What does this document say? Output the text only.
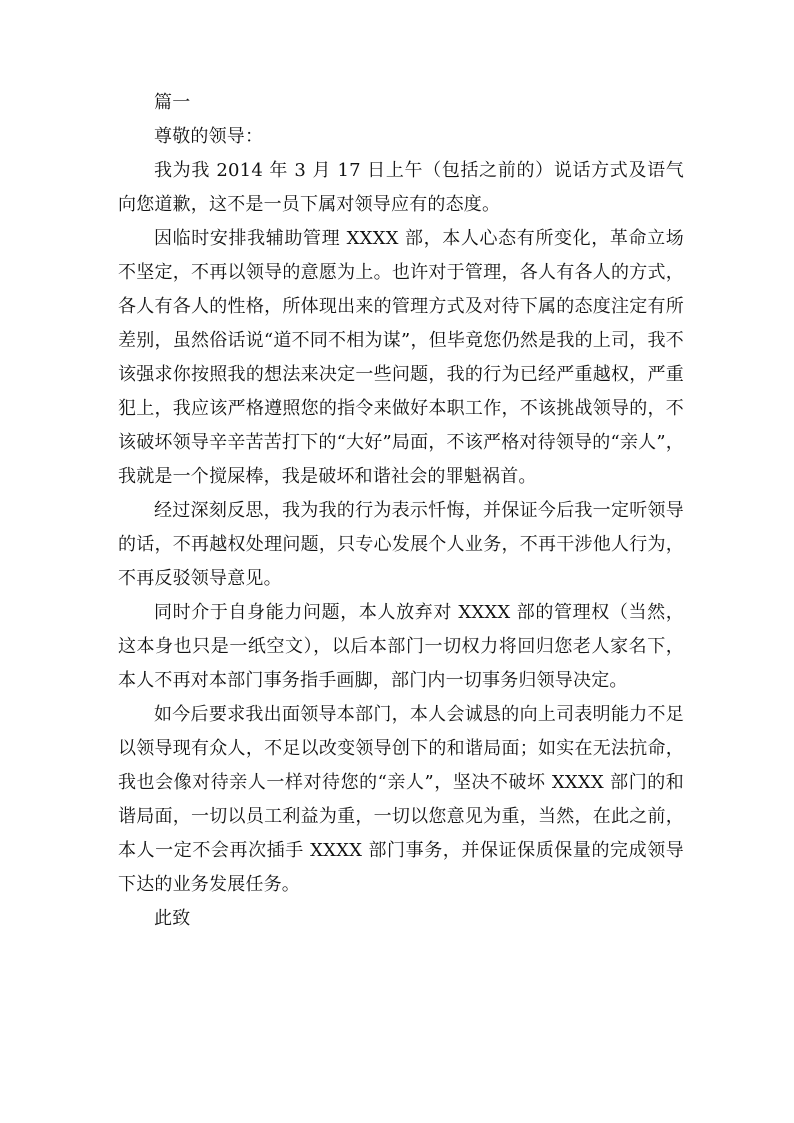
篇一

尊敬的领导：

我为我 2014 年 3 月 17 日上午（包括之前的）说话方式及语气向您道歉，这不是一员下属对领导应有的态度。

因临时安排我辅助管理 XXXX 部，本人心态有所变化，革命立场不坚定，不再以领导的意愿为上。也许对于管理，各人有各人的方式，各人有各人的性格，所体现出来的管理方式及对待下属的态度注定有所差别，虽然俗话说“道不同不相为谋”，但毕竟您仍然是我的上司，我不该强求你按照我的想法来决定一些问题，我的行为已经严重越权，严重犯上，我应该严格遵照您的指令来做好本职工作，不该挑战领导的，不该破坏领导辛辛苦苦打下的“大好”局面，不该严格对待领导的“亲人”，我就是一个搅屎棒，我是破坏和谐社会的罪魁祸首。

经过深刻反思，我为我的行为表示忏悔，并保证今后我一定听领导的话，不再越权处理问题，只专心发展个人业务，不再干涉他人行为，不再反驳领导意见。

同时介于自身能力问题，本人放弃对 XXXX 部的管理权（当然，这本身也只是一纸空文），以后本部门一切权力将回归您老人家名下，本人不再对本部门事务指手画脚，部门内一切事务归领导决定。

如今后要求我出面领导本部门，本人会诚恳的向上司表明能力不足以领导现有众人，不足以改变领导创下的和谐局面；如实在无法抗命，我也会像对待亲人一样对待您的“亲人”，坚决不破坏 XXXX 部门的和谐局面，一切以员工利益为重，一切以您意见为重，当然，在此之前，本人一定不会再次插手 XXXX 部门事务，并保证保质保量的完成领导下达的业务发展任务。

此致
